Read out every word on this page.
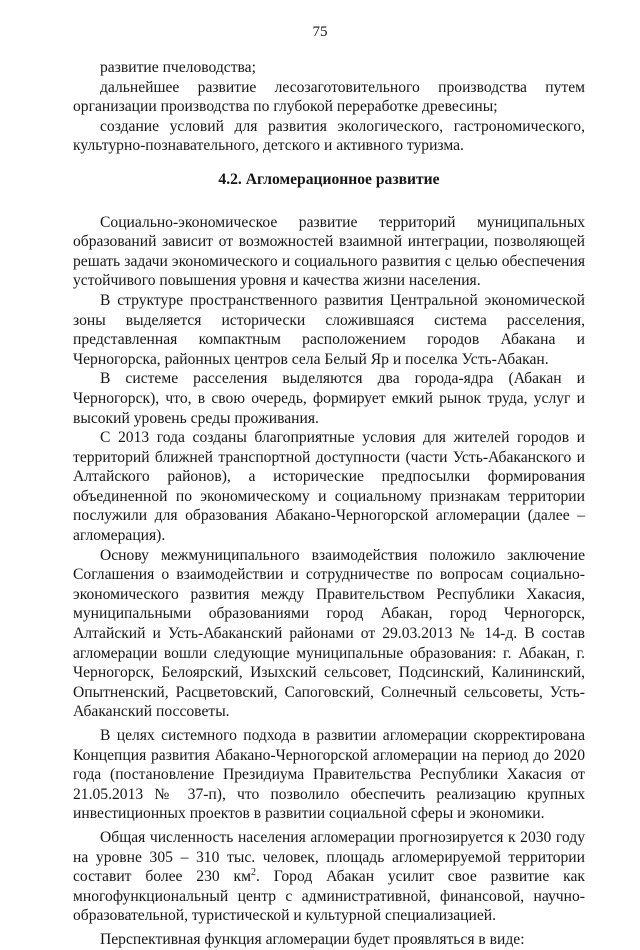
75

развитие пчеловодства;

дальнейшее развитие лесозаготовительного производства путем организации производства по глубокой переработке древесины;

создание условий для развития экологического, гастрономического, культурно-познавательного, детского и активного туризма.

4.2. Агломерационное развитие

Социально-экономическое развитие территорий муниципальных образований зависит от возможностей взаимной интеграции, позволяющей решать задачи экономического и социального развития с целью обеспечения устойчивого повышения уровня и качества жизни населения.

В структуре пространственного развития Центральной экономической зоны выделяется исторически сложившаяся система расселения, представленная компактным расположением городов Абакана и Черногорска, районных центров села Белый Яр и поселка Усть-Абакан.

В системе расселения выделяются два города-ядра (Абакан и Черногорск), что, в свою очередь, формирует емкий рынок труда, услуг и высокий уровень среды проживания.

С 2013 года созданы благоприятные условия для жителей городов и территорий ближней транспортной доступности (части Усть-Абаканского и Алтайского районов), а исторические предпосылки формирования объединенной по экономическому и социальному признакам территории послужили для образования Абакано-Черногорской агломерации (далее – агломерация).

Основу межмуниципального взаимодействия положило заключение Соглашения о взаимодействии и сотрудничестве по вопросам социально-экономического развития между Правительством Республики Хакасия, муниципальными образованиями город Абакан, город Черногорск, Алтайский и Усть-Абаканский районами от 29.03.2013 № 14-д. В состав агломерации вошли следующие муниципальные образования: г. Абакан, г. Черногорск, Белоярский, Изыхский сельсовет, Подсинский, Калининский, Опытненский, Расцветовский, Сапоговский, Солнечный сельсоветы, Усть-Абаканский поссоветы.

В целях системного подхода в развитии агломерации скорректирована Концепция развития Абакано-Черногорской агломерации на период до 2020 года (постановление Президиума Правительства Республики Хакасия от 21.05.2013 № 37-п), что позволило обеспечить реализацию крупных инвестиционных проектов в развитии социальной сферы и экономики.

Общая численность населения агломерации прогнозируется к 2030 году на уровне 305 – 310 тыс. человек, площадь агломерируемой территории составит более 230 $км^2$. Город Абакан усилит свое развитие как многофункциональный центр с административной, финансовой, научно-образовательной, туристической и культурной специализацией.

Перспективная функция агломерации будет проявляться в виде:
